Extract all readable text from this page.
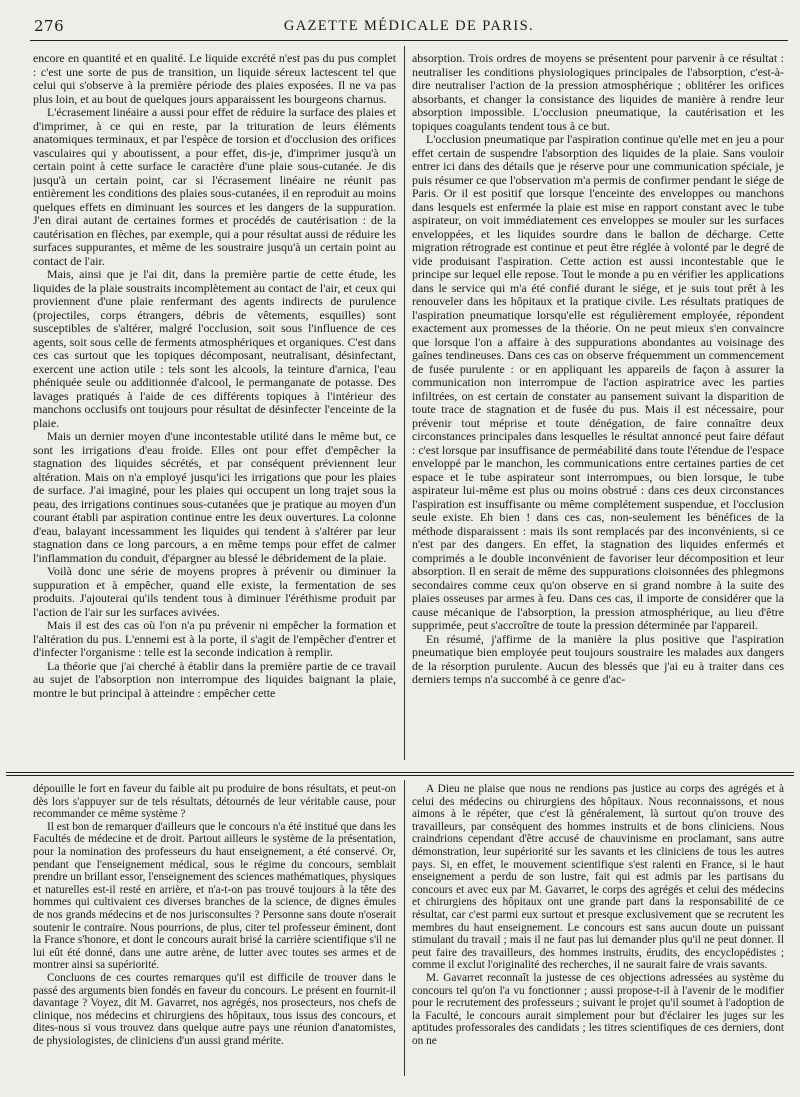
276	GAZETTE MÉDICALE DE PARIS.

encore en quantité et en qualité. Le liquide excrété n'est pas du pus complet : c'est une sorte de pus de transition, un liquide séreux lactescent tel que celui qui s'observe à la première période des plaies exposées. Il ne va pas plus loin, et au bout de quelques jours apparaissent les bourgeons charnus.

L'écrasement linéaire a aussi pour effet de réduire la surface des plaies et d'imprimer, à ce qui en reste, par la trituration de leurs éléments anatomiques terminaux, et par l'espèce de torsion et d'occlusion des orifices vasculaires qui y aboutissent, a pour effet, dis-je, d'imprimer jusqu'à un certain point à cette surface le caractère d'une plaie sous-cutanée. Je dis jusqu'à un certain point, car si l'écrasement linéaire ne réunit pas entièrement les conditions des plaies sous-cutanées, il en reproduit au moins quelques effets en diminuant les sources et les dangers de la suppuration. J'en dirai autant de certaines formes et procédés de cautérisation : de la cautérisation en flèches, par exemple, qui a pour résultat aussi de réduire les surfaces suppurantes, et même de les soustraire jusqu'à un certain point au contact de l'air.

Mais, ainsi que je l'ai dit, dans la première partie de cette étude, les liquides de la plaie soustraits incomplètement au contact de l'air, et ceux qui proviennent d'une plaie renfermant des agents indirects de purulence (projectiles, corps étrangers, débris de vêtements, esquilles) sont susceptibles de s'altérer, malgré l'occlusion, soit sous l'influence de ces agents, soit sous celle de ferments atmosphériques et organiques. C'est dans ces cas surtout que les topiques décomposant, neutralisant, désinfectant, exercent une action utile : tels sont les alcools, la teinture d'arnica, l'eau phéniquée seule ou additionnée d'alcool, le permanganate de potasse. Des lavages pratiqués à l'aide de ces différents topiques à l'intérieur des manchons occlusifs ont toujours pour résultat de désinfecter l'enceinte de la plaie.

Mais un dernier moyen d'une incontestable utilité dans le même but, ce sont les irrigations d'eau froide. Elles ont pour effet d'empêcher la stagnation des liquides sécrétés, et par conséquent préviennent leur altération. Mais on n'a employé jusqu'ici les irrigations que pour les plaies de surface. J'ai imaginé, pour les plaies qui occupent un long trajet sous la peau, des irrigations continues sous-cutanées que je pratique au moyen d'un courant établi par aspiration continue entre les deux ouvertures. La colonne d'eau, balayant incessamment les liquides qui tendent à s'altérer par leur stagnation dans ce long parcours, a en même temps pour effet de calmer l'inflammation du conduit, d'épargner au blessé le débridement de la plaie.

Voilà donc une série de moyens propres à prévenir ou diminuer la suppuration et à empêcher, quand elle existe, la fermentation de ses produits. J'ajouterai qu'ils tendent tous à diminuer l'éréthisme produit par l'action de l'air sur les surfaces avivées.

Mais il est des cas où l'on n'a pu prévenir ni empêcher la formation et l'altération du pus. L'ennemi est à la porte, il s'agit de l'empêcher d'entrer et d'infecter l'organisme : telle est la seconde indication à remplir.

La théorie que j'ai cherché à établir dans la première partie de ce travail au sujet de l'absorption non interrompue des liquides baignant la plaie, montre le but principal à atteindre : empêcher cette

absorption. Trois ordres de moyens se présentent pour parvenir à ce résultat : neutraliser les conditions physiologiques principales de l'absorption, c'est-à-dire neutraliser l'action de la pression atmosphérique ; oblitérer les orifices absorbants, et changer la consistance des liquides de manière à rendre leur absorption impossible. L'occlusion pneumatique, la cautérisation et les topiques coagulants tendent tous à ce but.

L'occlusion pneumatique par l'aspiration continue qu'elle met en jeu a pour effet certain de suspendre l'absorption des liquides de la plaie. Sans vouloir entrer ici dans des détails que je réserve pour une communication spéciale, je puis résumer ce que l'observation m'a permis de confirmer pendant le siége de Paris. Or il est positif que lorsque l'enceinte des enveloppes ou manchons dans lesquels est enfermée la plaie est mise en rapport constant avec le tube aspirateur, on voit immédiatement ces enveloppes se mouler sur les surfaces enveloppées, et les liquides sourdre dans le ballon de décharge. Cette migration rétrograde est continue et peut être réglée à volonté par le degré de vide produisant l'aspiration. Cette action est aussi incontestable que le principe sur lequel elle repose. Tout le monde a pu en vérifier les applications dans le service qui m'a été confié durant le siége, et je suis tout prêt à les renouveler dans les hôpitaux et la pratique civile. Les résultats pratiques de l'aspiration pneumatique lorsqu'elle est régulièrement employée, répondent exactement aux promesses de la théorie. On ne peut mieux s'en convaincre que lorsque l'on a affaire à des suppurations abondantes au voisinage des gaînes tendineuses. Dans ces cas on observe fréquemment un commencement de fusée purulente : or en appliquant les appareils de façon à assurer la communication non interrompue de l'action aspiratrice avec les parties infiltrées, on est certain de constater au pansement suivant la disparition de toute trace de stagnation et de fusée du pus. Mais il est nécessaire, pour prévenir tout méprise et toute dénégation, de faire connaître deux circonstances principales dans lesquelles le résultat annoncé peut faire défaut : c'est lorsque par insuffisance de perméabilité dans toute l'étendue de l'espace enveloppé par le manchon, les communications entre certaines parties de cet espace et le tube aspirateur sont interrompues, ou bien lorsque, le tube aspirateur lui-même est plus ou moins obstrué : dans ces deux circonstances l'aspiration est insuffisante ou même complétement suspendue, et l'occlusion seule existe. Eh bien ! dans ces cas, non-seulement les bénéfices de la méthode disparaissent : mais ils sont remplacés par des inconvénients, si ce n'est par des dangers. En effet, la stagnation des liquides enfermés et comprimés a le double inconvénient de favoriser leur décomposition et leur absorption. Il en serait de même des suppurations cloisonnées des phlegmons secondaires comme ceux qu'on observe en si grand nombre à la suite des plaies osseuses par armes à feu. Dans ces cas, il importe de considérer que la cause mécanique de l'absorption, la pression atmosphérique, au lieu d'être supprimée, peut s'accroître de toute la pression déterminée par l'appareil.

En résumé, j'affirme de la manière la plus positive que l'aspiration pneumatique bien employée peut toujours soustraire les malades aux dangers de la résorption purulente. Aucun des blessés que j'ai eu à traiter dans ces derniers temps n'a succombé à ce genre d'ac-

dépouille le fort en faveur du faible ait pu produire de bons résultats, et peut-on dès lors s'appuyer sur de tels résultats, détournés de leur véritable cause, pour recommander ce même système ?

Il est bon de remarquer d'ailleurs que le concours n'a été institué que dans les Facultés de médecine et de droit. Partout ailleurs le système de la présentation, pour la nomination des professeurs du haut enseignement, a été conservé. Or, pendant que l'enseignement médical, sous le régime du concours, semblait prendre un brillant essor, l'enseignement des sciences mathématiques, physiques et naturelles est-il resté en arrière, et n'a-t-on pas trouvé toujours à la tête des hommes qui cultivaient ces diverses branches de la science, de dignes émules de nos grands médecins et de nos jurisconsultes ? Personne sans doute n'oserait soutenir le contraire. Nous pourrions, de plus, citer tel professeur éminent, dont la France s'honore, et dont le concours aurait brisé la carrière scientifique s'il ne lui eût été donné, dans une autre arène, de lutter avec toutes ses armes et de montrer ainsi sa supériorité.

Concluons de ces courtes remarques qu'il est difficile de trouver dans le passé des arguments bien fondés en faveur du concours. Le présent en fournit-il davantage ? Voyez, dit M. Gavarret, nos agrégés, nos prosecteurs, nos chefs de clinique, nos médecins et chirurgiens des hôpitaux, tous issus des concours, et dites-nous si vous trouvez dans quelque autre pays une réunion d'anatomistes, de physiologistes, de cliniciens d'un aussi grand mérite.

A Dieu ne plaise que nous ne rendions pas justice au corps des agrégés et à celui des médecins ou chirurgiens des hôpitaux. Nous reconnaissons, et nous aimons à le répéter, que c'est là généralement, là surtout qu'on trouve des travailleurs, par conséquent des hommes instruits et de bons cliniciens. Nous craindrions cependant d'être accusé de chauvinisme en proclamant, sans autre démonstration, leur supériorité sur les savants et les cliniciens de tous les autres pays. Si, en effet, le mouvement scientifique s'est ralenti en France, si le haut enseignement a perdu de son lustre, fait qui est admis par les partisans du concours et avec eux par M. Gavarret, le corps des agrégés et celui des médecins et chirurgiens des hôpitaux ont une grande part dans la responsabilité de ce résultat, car c'est parmi eux surtout et presque exclusivement que se recrutent les membres du haut enseignement. Le concours est sans aucun doute un puissant stimulant du travail ; mais il ne faut pas lui demander plus qu'il ne peut donner. Il peut faire des travailleurs, des hommes instruits, érudits, des encyclopédistes ; comme il exclut l'originalité des recherches, il ne saurait faire de vrais savants.

M. Gavarret reconnaît la justesse de ces objections adressées au système du concours tel qu'on l'a vu fonctionner ; aussi propose-t-il à l'avenir de le modifier pour le recrutement des professeurs ; suivant le projet qu'il soumet à l'adoption de la Faculté, le concours aurait simplement pour but d'éclairer les juges sur les aptitudes professorales des candidats ; les titres scientifiques de ces derniers, dont on ne
